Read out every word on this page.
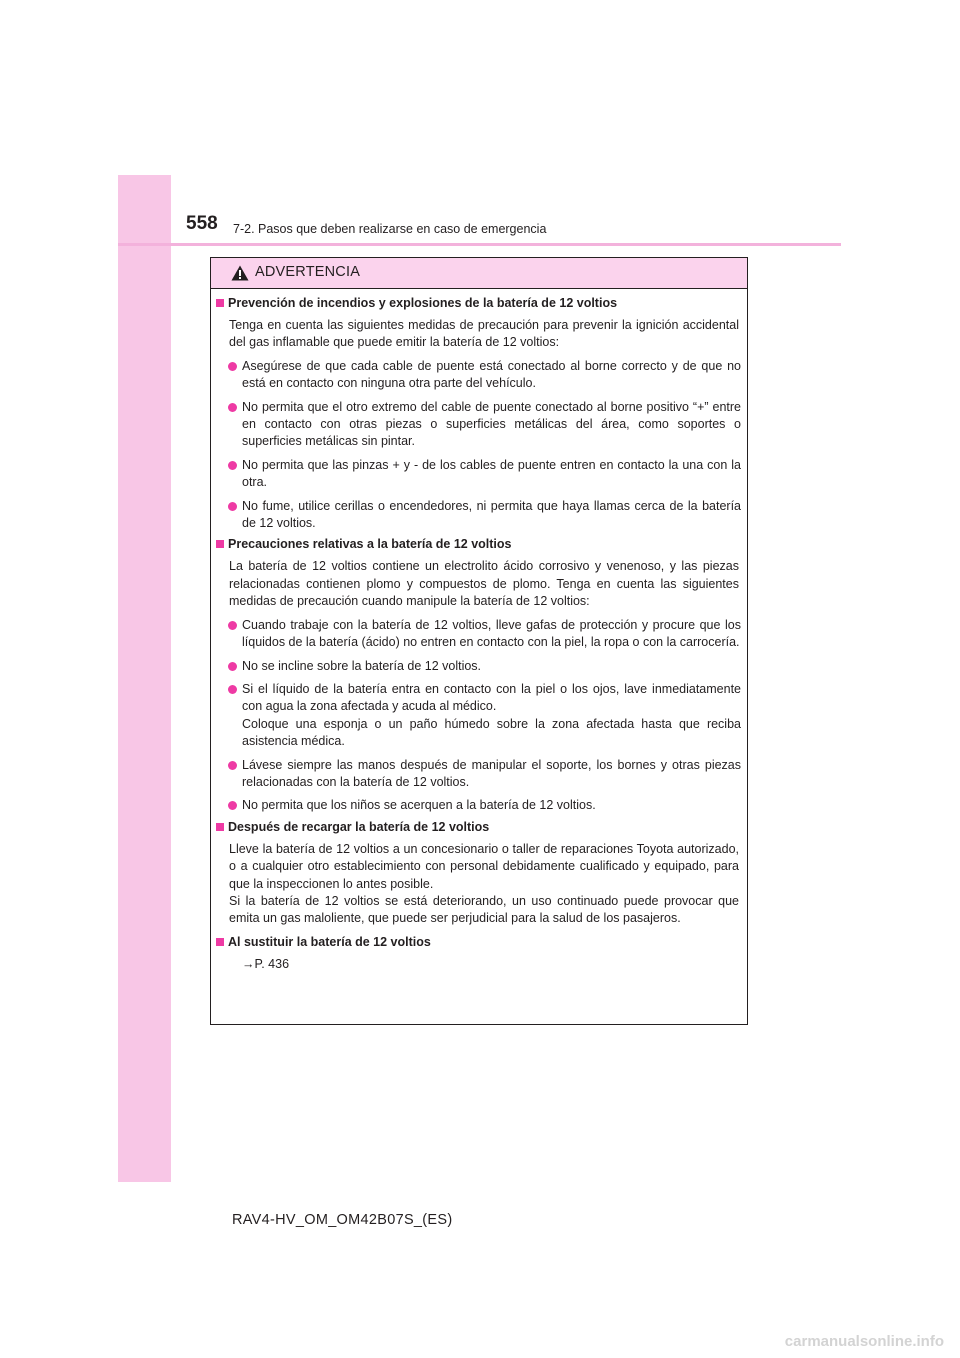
558 7-2. Pasos que deben realizarse en caso de emergencia
ADVERTENCIA
Prevención de incendios y explosiones de la batería de 12 voltios
Tenga en cuenta las siguientes medidas de precaución para prevenir la ignición accidental del gas inflamable que puede emitir la batería de 12 voltios:
Asegúrese de que cada cable de puente está conectado al borne correcto y de que no está en contacto con ninguna otra parte del vehículo.
No permita que el otro extremo del cable de puente conectado al borne positivo “+” entre en contacto con otras piezas o superficies metálicas del área, como soportes o superficies metálicas sin pintar.
No permita que las pinzas + y - de los cables de puente entren en contacto la una con la otra.
No fume, utilice cerillas o encendedores, ni permita que haya llamas cerca de la batería de 12 voltios.
Precauciones relativas a la batería de 12 voltios
La batería de 12 voltios contiene un electrolito ácido corrosivo y venenoso, y las piezas relacionadas contienen plomo y compuestos de plomo. Tenga en cuenta las siguientes medidas de precaución cuando manipule la batería de 12 voltios:
Cuando trabaje con la batería de 12 voltios, lleve gafas de protección y procure que los líquidos de la batería (ácido) no entren en contacto con la piel, la ropa o con la carrocería.
No se incline sobre la batería de 12 voltios.
Si el líquido de la batería entra en contacto con la piel o los ojos, lave inmediatamente con agua la zona afectada y acuda al médico.
Coloque una esponja o un paño húmedo sobre la zona afectada hasta que reciba asistencia médica.
Lávese siempre las manos después de manipular el soporte, los bornes y otras piezas relacionadas con la batería de 12 voltios.
No permita que los niños se acerquen a la batería de 12 voltios.
Después de recargar la batería de 12 voltios
Lleve la batería de 12 voltios a un concesionario o taller de reparaciones Toyota autorizado, o a cualquier otro establecimiento con personal debidamente cualificado y equipado, para que la inspeccionen lo antes posible.
Si la batería de 12 voltios se está deteriorando, un uso continuado puede provocar que emita un gas maloliente, que puede ser perjudicial para la salud de los pasajeros.
Al sustituir la batería de 12 voltios
→P. 436
RAV4-HV_OM_OM42B07S_(ES)
carmanualsonline.info
